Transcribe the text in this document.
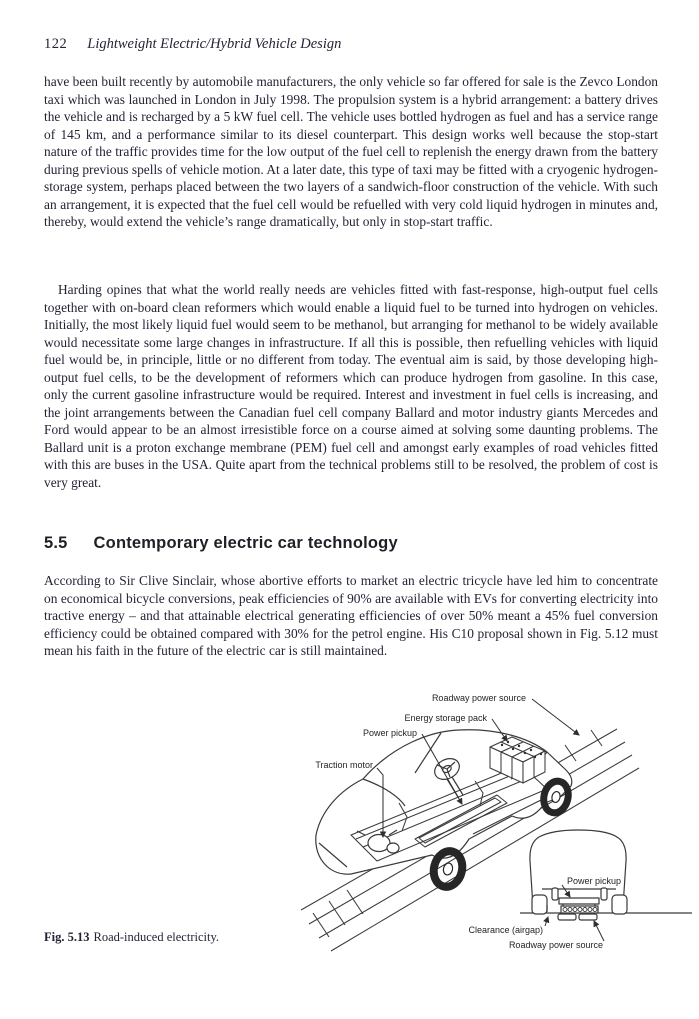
122 Lightweight Electric/Hybrid Vehicle Design

have been built recently by automobile manufacturers, the only vehicle so far offered for sale is the Zevco London taxi which was launched in London in July 1998. The propulsion system is a hybrid arrangement: a battery drives the vehicle and is recharged by a 5 kW fuel cell. The vehicle uses bottled hydrogen as fuel and has a service range of 145 km, and a performance similar to its diesel counterpart. This design works well because the stop-start nature of the traffic provides time for the low output of the fuel cell to replenish the energy drawn from the battery during previous spells of vehicle motion. At a later date, this type of taxi may be fitted with a cryogenic hydrogen-storage system, perhaps placed between the two layers of a sandwich-floor construction of the vehicle. With such an arrangement, it is expected that the fuel cell would be refuelled with very cold liquid hydrogen in minutes and, thereby, would extend the vehicle’s range dramatically, but only in stop-start traffic.

Harding opines that what the world really needs are vehicles fitted with fast-response, high-output fuel cells together with on-board clean reformers which would enable a liquid fuel to be turned into hydrogen on vehicles. Initially, the most likely liquid fuel would seem to be methanol, but arranging for methanol to be widely available would necessitate some large changes in infrastructure. If all this is possible, then refuelling vehicles with liquid fuel would be, in principle, little or no different from today. The eventual aim is said, by those developing high-output fuel cells, to be the development of reformers which can produce hydrogen from gasoline. In this case, only the current gasoline infrastructure would be required. Interest and investment in fuel cells is increasing, and the joint arrangements between the Canadian fuel cell company Ballard and motor industry giants Mercedes and Ford would appear to be an almost irresistible force on a course aimed at solving some daunting problems. The Ballard unit is a proton exchange membrane (PEM) fuel cell and amongst early examples of road vehicles fitted with this are buses in the USA. Quite apart from the technical problems still to be resolved, the problem of cost is very great.

5.5 Contemporary electric car technology

According to Sir Clive Sinclair, whose abortive efforts to market an electric tricycle have led him to concentrate on economical bicycle conversions, peak efficiencies of 90% are available with EVs for converting electricity into tractive energy – and that attainable electrical generating efficiencies of over 50% meant a 45% fuel conversion efficiency could be obtained compared with 30% for the petrol engine. His C10 proposal shown in Fig. 5.12 must mean his faith in the future of the electric car is still maintained.

Roadway power source
Energy storage pack
Power pickup
Traction motor
Power pickup
Clearance (airgap)
Roadway power source
Fig. 5.13 Road-induced electricity.
